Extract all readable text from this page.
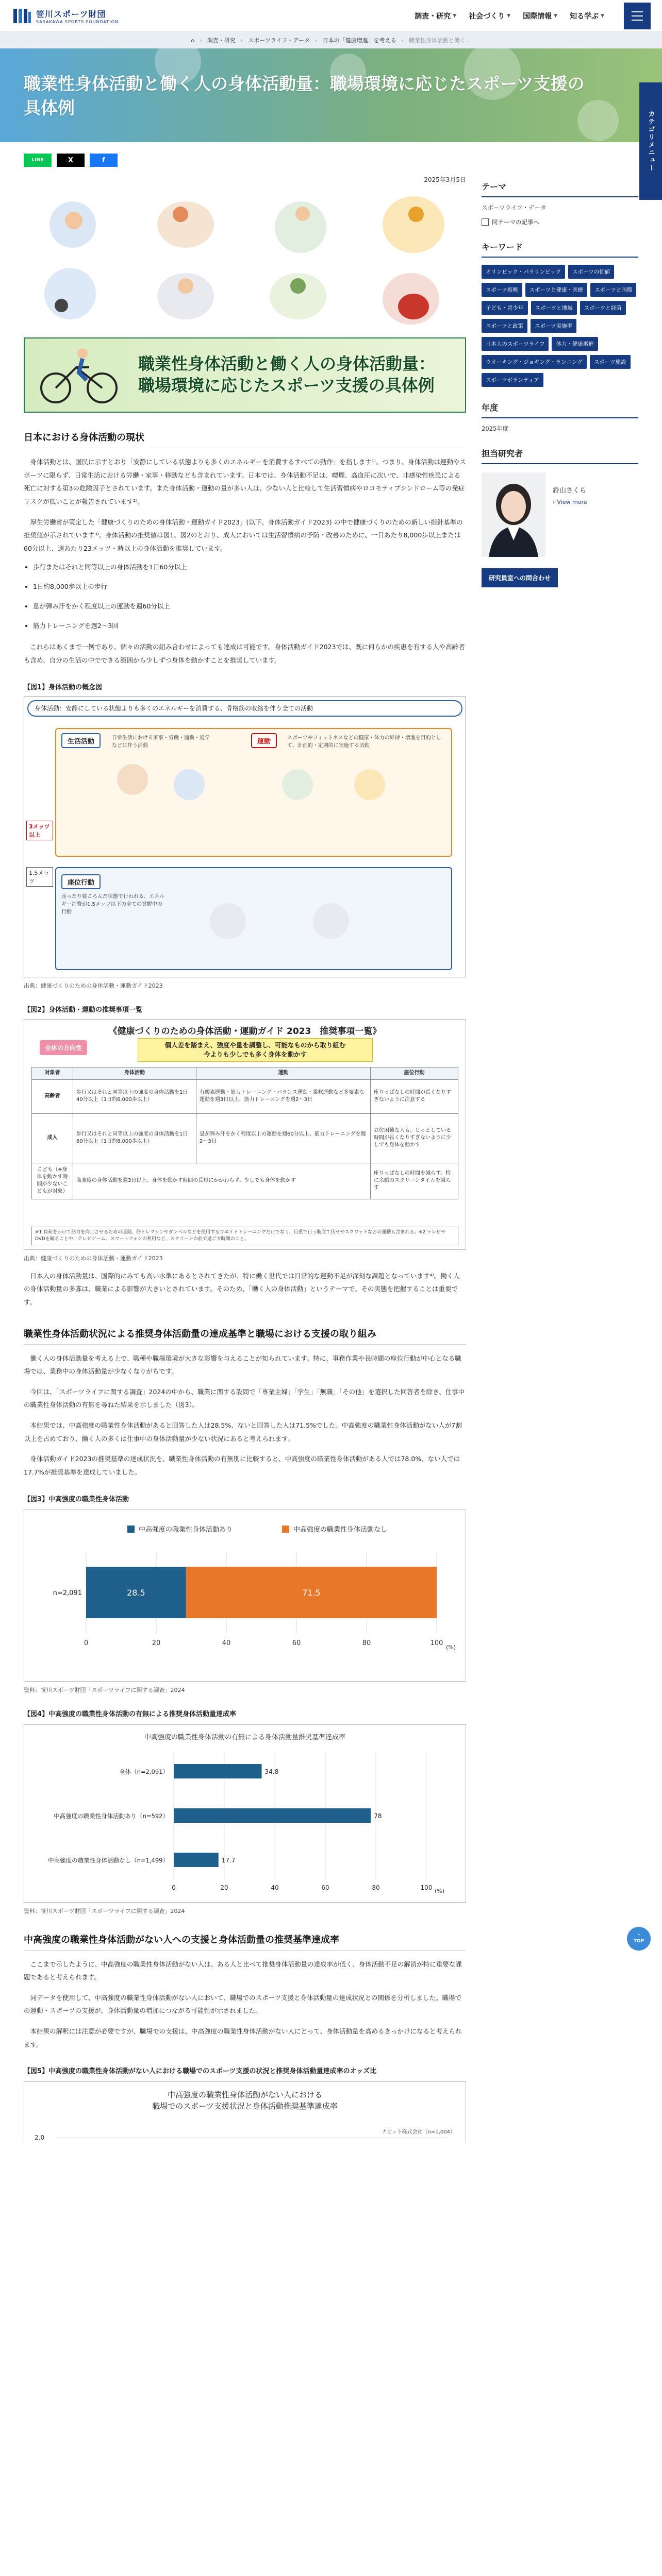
笹川スポーツ財団
SASAKAWA SPORTS FOUNDATION
調査・研究 ▼ 社会づくり ▼ 国際情報 ▼ 知る学ぶ ▼
⌂ › 調査・研究 › スポーツライフ・データ › 日本の「健康増進」を考える › 職業性身体活動と働く...
職業性身体活動と働く人の身体活動量：職場環境に応じたスポーツ支援の具体例
カテゴリメニュー
LINE	X	f
2025年3月5日
職業性身体活動と働く人の身体活動量：
職場環境に応じたスポーツ支援の具体例
日本における身体活動の現状

身体活動とは、国民に示すとおり「安静にしている状態よりも多くのエネルギーを消費するすべての動作」を指します¹⁾。つまり、身体活動は運動やスポーツに限らず、日常生活における労働・家事・移動なども含まれています。日本では、身体活動不足は、喫煙、高血圧に次いで、非感染性疾患による死亡に対する第3の危険因子とされています。また身体活動・運動の量が多い人は、少ない人と比較して生活習慣病やロコモティブシンドローム等の発症リスクが低いことが報告されています²⁾。

厚生労働省が策定した「健康づくりのための身体活動・運動ガイド2023」(以下、身体活動ガイド2023) の中で健康づくりのための新しい指針基準の推奨値が示されています³⁾。身体活動の推奨値は図1、図2のとおり、成人においては生活習慣病の予防・改善のために、一日あたり8,000歩以上または60分以上、週あたり23メッツ・時以上の身体活動を推奨しています。

• 歩行またはそれと同等以上の身体活動を1日60分以上
• 1日約8,000歩以上の歩行
• 息が弾み汗をかく程度以上の運動を週60分以上
• 筋力トレーニングを週2～3回

これらはあくまで一例であり、個々の活動の組み合わせによっても達成は可能です。身体活動ガイド2023では、既に何らかの疾患を有する人や高齢者も含め、自分の生活の中でできる範囲から少しずつ身体を動かすことを推奨しています。

【図1】身体活動の概念図
身体活動：安静にしている状態よりも多くのエネルギーを消費する、骨格筋の収縮を伴う全ての活動
生活活動	日常生活における家事・労働・通勤・通学などに伴う活動
運動	スポーツやフィットネスなどの健康・体力の維持・増進を目的として、計画的・定期的に実施する活動
3メッツ以上
1.5メッツ	座位行動
座ったり寝ころんだ状態で行われる、エネルギー消費が1.5メッツ以下の全ての覚醒中の行動
出典：健康づくりのための身体活動・運動ガイド2023
【図2】身体活動・運動の推奨事項一覧
《健康づくりのための身体活動・運動ガイド 2023　推奨事項一覧》
全体の方向性	個人差を踏まえ、強度や量を調整し、可能なものから取り組む
今よりも少しでも多く身体を動かす
対象者	身体活動	運動	座位行動
高齢者	歩行又はそれと同等以上の強度の身体活動を1日40分以上（1日約6,000歩以上）	有酸素運動・筋力トレーニング・バランス運動・柔軟運動など多要素な運動を週3日以上、筋力トレーニングを週2～3日	座りっぱなしの時間が長くなりすぎないように注意する
成人	歩行又はそれと同等以上の強度の身体活動を1日60分以上（1日約8,000歩以上）	息が弾み汗をかく程度以上の運動を週60分以上、筋力トレーニングを週2～3日	立位困難な人も、じっとしている時間が長くなりすぎないように少しでも身体を動かす
こども（※身体を動かす時間が少ないこどもが対象）	高強度の身体活動を週3日以上、身体を動かす時間の長短にかかわらず、少しでも身体を動かす		座りっぱなしの時間を減らす。特に余暇のスクリーンタイムを減らす
※1 負荷をかけて筋力を向上させるための運動。筋トレマシンやダンベルなどを使用するウエイトトレーニングだけでなく、自重で行う腕立て伏せやスクワットなどの運動も含まれる。※2 テレビやDVDを観ることや、テレビゲーム、スマートフォンの利用など、スクリーンの前で過ごす時間のこと。
出典：健康づくりのための身体活動・運動ガイド2023

日本人の身体活動量は、国際的にみても高い水準にあるとされてきたが、特に働く世代では日常的な運動不足が深刻な課題となっています⁴⁾。働く人の身体活動量の多寡は、職業による影響が大きいとされています。そのため、「働く人の身体活動」というテーマで、その実態を把握することは重要です。

職業性身体活動状況による推奨身体活動量の達成基準と職場における支援の取り組み

働く人の身体活動量を考える上で、職種や職場環境が大きな影響を与えることが知られています。特に、事務作業や長時間の座位行動が中心となる職場では、業務中の身体活動量が少なくなりがちです。

今回は、「スポーツライフに関する調査」2024の中から、職業に関する設問で「専業主婦」「学生」「無職」「その他」を選択した回答者を除き、仕事中の職業性身体活動の有無を尋ねた結果を示しました（図3）。

本結果では、中高強度の職業性身体活動があると回答した人は28.5%、ないと回答した人は71.5%でした。中高強度の職業性身体活動がない人が7割以上を占めており、働く人の多くは仕事中の身体活動量が少ない状況にあると考えられます。

身体活動ガイド2023の推奨基準の達成状況を、職業性身体活動の有無別に比較すると、中高強度の職業性身体活動がある人では78.0%、ない人では17.7%が推奨基準を達成していました。

【図3】中高強度の職業性身体活動
中高強度の職業性身体活動あり	中高強度の職業性身体活動なし
0	20	40	60	80	100
(%)
n=2,091	28.5	71.5
資料：笹川スポーツ財団「スポーツライフに関する調査」2024
【図4】中高強度の職業性身体活動の有無による推奨身体活動量達成率
中高強度の職業性身体活動の有無による身体活動量推奨基準達成率
0	20	40	60	80	100 (%)
全体（n=2,091）	34.8
中高強度の職業性身体活動あり（n=592）	78
中高強度の職業性身体活動なし（n=1,499）	17.7
資料：笹川スポーツ財団「スポーツライフに関する調査」2024
中高強度の職業性身体活動がない人への支援と身体活動量の推奨基準達成率

ここまで示したように、中高強度の職業性身体活動がない人は、ある人と比べて推奨身体活動量の達成率が低く、身体活動不足の解消が特に重要な課題であると考えられます。

同データを使用して、中高強度の職業性身体活動がない人において、職場でのスポーツ支援と身体活動量の達成状況との関係を分析しました。職場での運動・スポーツの支援が、身体活動量の増加につながる可能性が示されました。

本結果の解釈には注意が必要ですが、職場での支援は、中高強度の職業性身体活動がない人にとって、身体活動量を高めるきっかけになると考えられます。

【図5】中高強度の職業性身体活動がない人における職場でのスポーツ支援の状況と推奨身体活動量達成率のオッズ比
中高強度の職業性身体活動がない人における
職場でのスポーツ支援状況と身体活動推奨基準達成率
2.0
ナビット株式会社（n=1,004）
テーマ
スポーツライフ・データ
同テーマの記事へ
キーワード
オリンピック・パラリンピック	スポーツの価値
スポーツ振興	スポーツと健康・医療	スポーツと国際
子ども・青少年	スポーツと地域	スポーツと経済
スポーツと政策	スポーツ実施率
日本人のスポーツライフ	体力・健康増進
ウオーキング・ジョギング・ランニング	スポーツ施設
スポーツボランティア
年度
2025年度
担当研究者
鈴山さくら
› View more
研究員室への問合わせ
⌃
TOP
